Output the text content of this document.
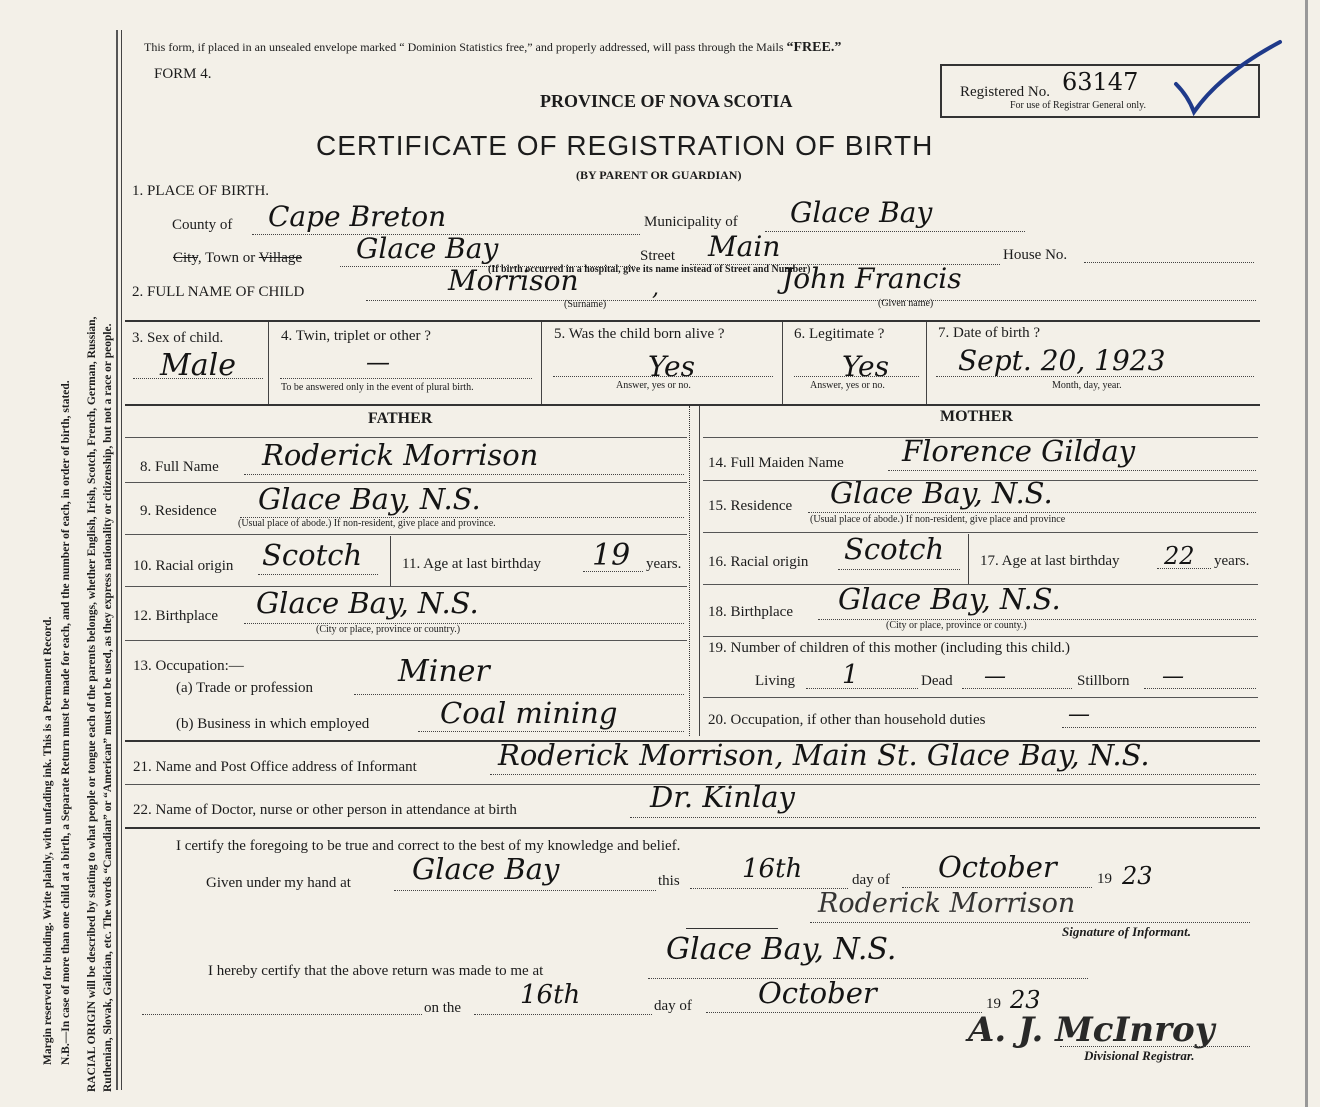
Margin reserved for binding. Write plainly, with unfading ink. This is a Permanent Record. N.B.—In case of more than one child at a birth, a Separate Return must be made for each, and the number of each, in order of birth, stated. RACIAL ORIGIN will be described by stating to what people or tongue each of the parents belongs, whether English, Irish, Scotch, French, German, Russian, Ruthenian, Slovak, Galician, etc. The words “Canadian” or “American” must not be used, as they express nationality or citizenship, but not a race or people.
This form, if placed in an unsealed envelope marked “ Dominion Statistics free,” and properly addressed, will pass through the Mails “FREE.”
FORM 4.
PROVINCE OF NOVA SCOTIA
CERTIFICATE OF REGISTRATION OF BIRTH
(BY PARENT OR GUARDIAN)
Registered No. 63147
For use of Registrar General only.
1. PLACE OF BIRTH.
County of Cape Breton	Municipality of Glace Bay
City, Town or Village Glace Bay	Street Main	House No.
(If birth occurred in a hospital, give its name instead of Street and Number)
2. FULL NAME OF CHILD	Morrison	,	John Francis
(Surname)	(Given name)
3. Sex of child.
Male
4. Twin, triplet or other ?
—
To be answered only in the event of plural birth.
5. Was the child born alive ?
Yes
Answer, yes or no.
6. Legitimate ?
Yes
Answer, yes or no.
7. Date of birth ?
Sept. 20, 1923
Month, day, year.
FATHER	MOTHER
8. Full Name Roderick Morrison
9. Residence Glace Bay, N.S.
(Usual place of abode.) If non-resident, give place and province.
10. Racial origin Scotch	11. Age at last birthday 19 years.
12. Birthplace Glace Bay, N.S.
(City or place, province or country.)
13. Occupation:—
(a) Trade or profession	Miner
(b) Business in which employed Coal mining
14. Full Maiden Name Florence Gilday
15. Residence Glace Bay, N.S.
(Usual place of abode.) If non-resident, give place and province
16. Racial origin Scotch 17. Age at last birthday 22 years.
18. Birthplace Glace Bay, N.S.
(City or place, province or county.)
19. Number of children of this mother (including this child.)
Living 1	Dead —	Stillborn —
20. Occupation, if other than household duties	—
21. Name and Post Office address of Informant	Roderick Morrison, Main St. Glace Bay, N.S.
22. Name of Doctor, nurse or other person in attendance at birth	Dr. Kinlay
I certify the foregoing to be true and correct to the best of my knowledge and belief.
Given under my hand at Glace Bay	this 16th	day of October	19 23
Roderick Morrison
Signature of Informant.
I hereby certify that the above return was made to me at
Glace Bay, N.S.
on the 16th	day of October	19 23
A. J. McInroy
Divisional Registrar.
